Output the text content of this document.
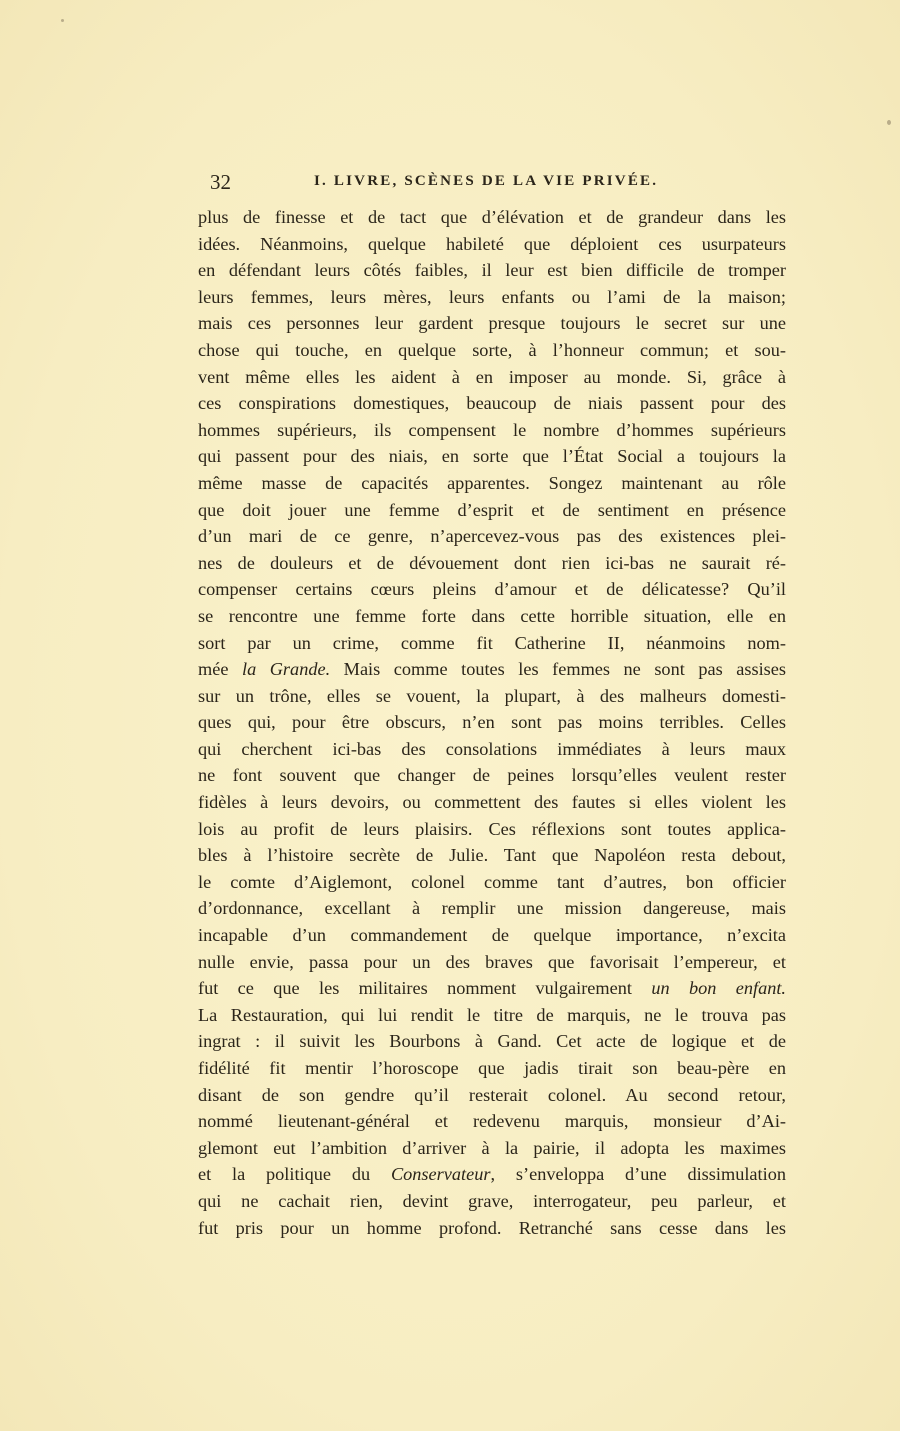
32	I. LIVRE, SCÈNES DE LA VIE PRIVÉE.
plus de finesse et de tact que d’élévation et de grandeur dans les
idées. Néanmoins, quelque habileté que déploient ces usurpateurs
en défendant leurs côtés faibles, il leur est bien difficile de tromper
leurs femmes, leurs mères, leurs enfants ou l’ami de la maison;
mais ces personnes leur gardent presque toujours le secret sur une
chose qui touche, en quelque sorte, à l’honneur commun; et sou-
vent même elles les aident à en imposer au monde. Si, grâce à
ces conspirations domestiques, beaucoup de niais passent pour des
hommes supérieurs, ils compensent le nombre d’hommes supérieurs
qui passent pour des niais, en sorte que l’État Social a toujours la
même masse de capacités apparentes. Songez maintenant au rôle
que doit jouer une femme d’esprit et de sentiment en présence
d’un mari de ce genre, n’apercevez-vous pas des existences plei-
nes de douleurs et de dévouement dont rien ici-bas ne saurait ré-
compenser certains cœurs pleins d’amour et de délicatesse? Qu’il
se rencontre une femme forte dans cette horrible situation, elle en
sort par un crime, comme fit Catherine II, néanmoins nom-
mée la Grande. Mais comme toutes les femmes ne sont pas assises
sur un trône, elles se vouent, la plupart, à des malheurs domesti-
ques qui, pour être obscurs, n’en sont pas moins terribles. Celles
qui cherchent ici-bas des consolations immédiates à leurs maux
ne font souvent que changer de peines lorsqu’elles veulent rester
fidèles à leurs devoirs, ou commettent des fautes si elles violent les
lois au profit de leurs plaisirs. Ces réflexions sont toutes applica-
bles à l’histoire secrète de Julie. Tant que Napoléon resta debout,
le comte d’Aiglemont, colonel comme tant d’autres, bon officier
d’ordonnance, excellant à remplir une mission dangereuse, mais
incapable d’un commandement de quelque importance, n’excita
nulle envie, passa pour un des braves que favorisait l’empereur, et
fut ce que les militaires nomment vulgairement un bon enfant.
La Restauration, qui lui rendit le titre de marquis, ne le trouva pas
ingrat : il suivit les Bourbons à Gand. Cet acte de logique et de
fidélité fit mentir l’horoscope que jadis tirait son beau-père en
disant de son gendre qu’il resterait colonel. Au second retour,
nommé lieutenant-général et redevenu marquis, monsieur d’Ai-
glemont eut l’ambition d’arriver à la pairie, il adopta les maximes
et la politique du Conservateur, s’enveloppa d’une dissimulation
qui ne cachait rien, devint grave, interrogateur, peu parleur, et
fut pris pour un homme profond. Retranché sans cesse dans les
